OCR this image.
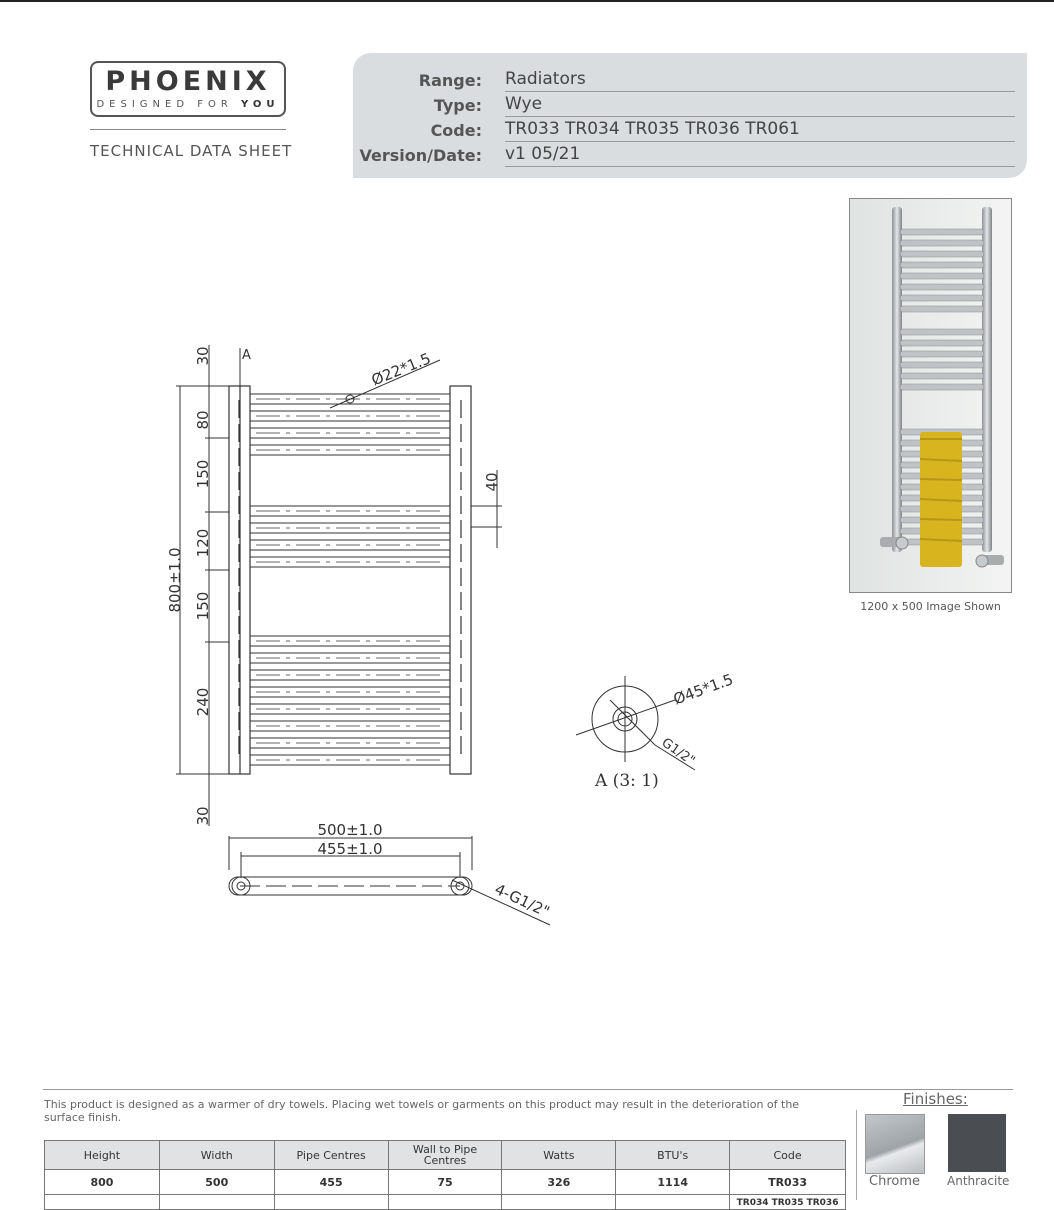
PHOENIX
DESIGNED FOR YOU
TECHNICAL DATA SHEET
Range: Radiators
Type: Wye
Code: TR033 TR034 TR035 TR036 TR061
Version/Date: v1 05/21
1200 x 500 Image Shown
800±1.0
30
80
150
120
150
240
30
40
Ø22*1.5
A
Ø45*1.5
G1/2"
A (3: 1)
500±1.0
455±1.0
4-G1/2"
This product is designed as a warmer of dry towels. Placing wet towels or garments on this product may result in the deterioration of the surface finish.
Height	Width	Pipe Centres	Wall to Pipe Centres	Watts	BTU's	Code
800	500	455	75	326	1114	TR033
						TR034 TR035 TR036
Finishes:
Chrome Anthracite
